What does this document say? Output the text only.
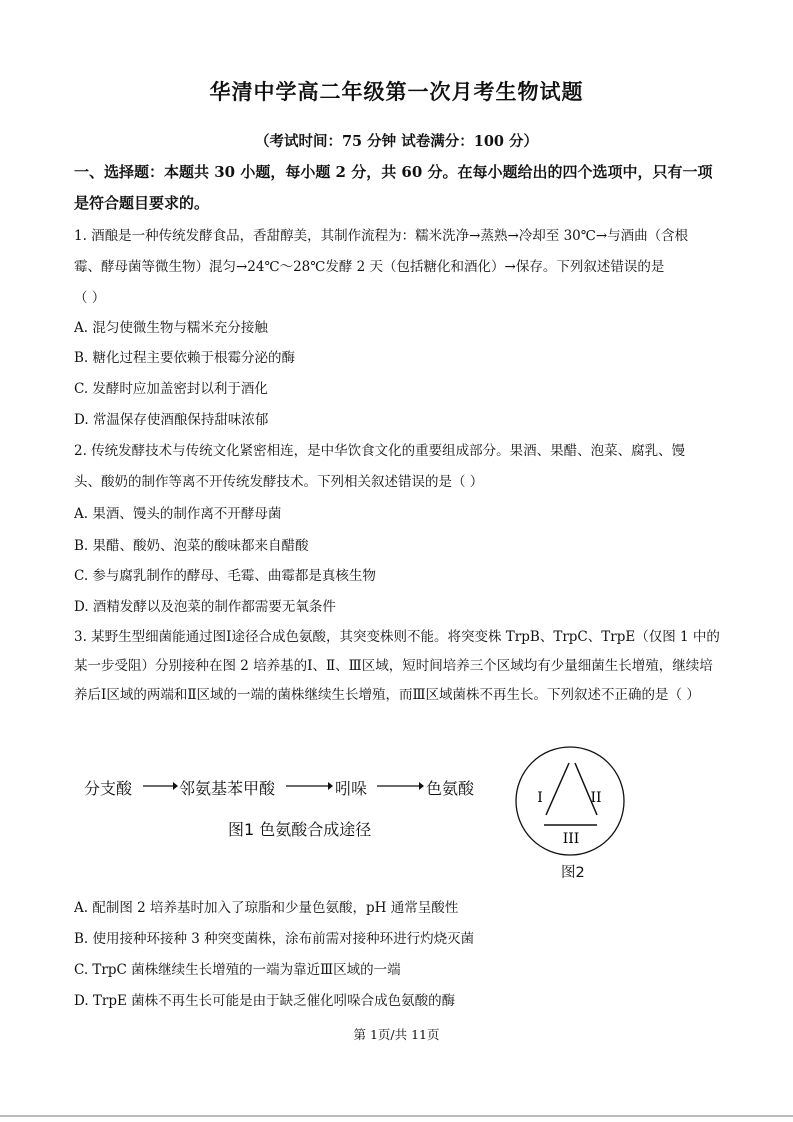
华清中学高二年级第一次月考生物试题
（考试时间：75 分钟 试卷满分：100 分）
一、选择题：本题共 30 小题，每小题 2 分，共 60 分。在每小题给出的四个选项中，只有一项是符合题目要求的。
1. 酒酿是一种传统发酵食品，香甜醇美，其制作流程为：糯米洗净→蒸熟→冷却至 30℃→与酒曲（含根
霉、酵母菌等微生物）混匀→24℃～28℃发酵 2 天（包括糖化和酒化）→保存。下列叙述错误的是
（ ）
A. 混匀使微生物与糯米充分接触
B. 糖化过程主要依赖于根霉分泌的酶
C. 发酵时应加盖密封以利于酒化
D. 常温保存使酒酿保持甜味浓郁
2. 传统发酵技术与传统文化紧密相连，是中华饮食文化的重要组成部分。果酒、果醋、泡菜、腐乳、馒
头、酸奶的制作等离不开传统发酵技术。下列相关叙述错误的是（ ）
A. 果酒、馒头的制作离不开酵母菌
B. 果醋、酸奶、泡菜的酸味都来自醋酸
C. 参与腐乳制作的酵母、毛霉、曲霉都是真核生物
D. 酒精发酵以及泡菜的制作都需要无氧条件
3. 某野生型细菌能通过图Ⅰ途径合成色氨酸，其突变株则不能。将突变株 TrpB、TrpC、TrpE（仅图 1 中的某一步受阻）分别接种在图 2 培养基的Ⅰ、Ⅱ、Ⅲ区域，短时间培养三个区域均有少量细菌生长增殖，继续培养后Ⅰ区域的两端和Ⅱ区域的一端的菌株继续生长增殖，而Ⅲ区域菌株不再生长。下列叙述不正确的是（ ）
分支酸	邻氨基苯甲酸	吲哚	色氨酸
图1 色氨酸合成途径
I	II
III
图2
A. 配制图 2 培养基时加入了琼脂和少量色氨酸，pH 通常呈酸性
B. 使用接种环接种 3 种突变菌株，涂布前需对接种环进行灼烧灭菌
C. TrpC 菌株继续生长增殖的一端为靠近Ⅲ区域的一端
D. TrpE 菌株不再生长可能是由于缺乏催化吲哚合成色氨酸的酶
第 1页/共 11页
